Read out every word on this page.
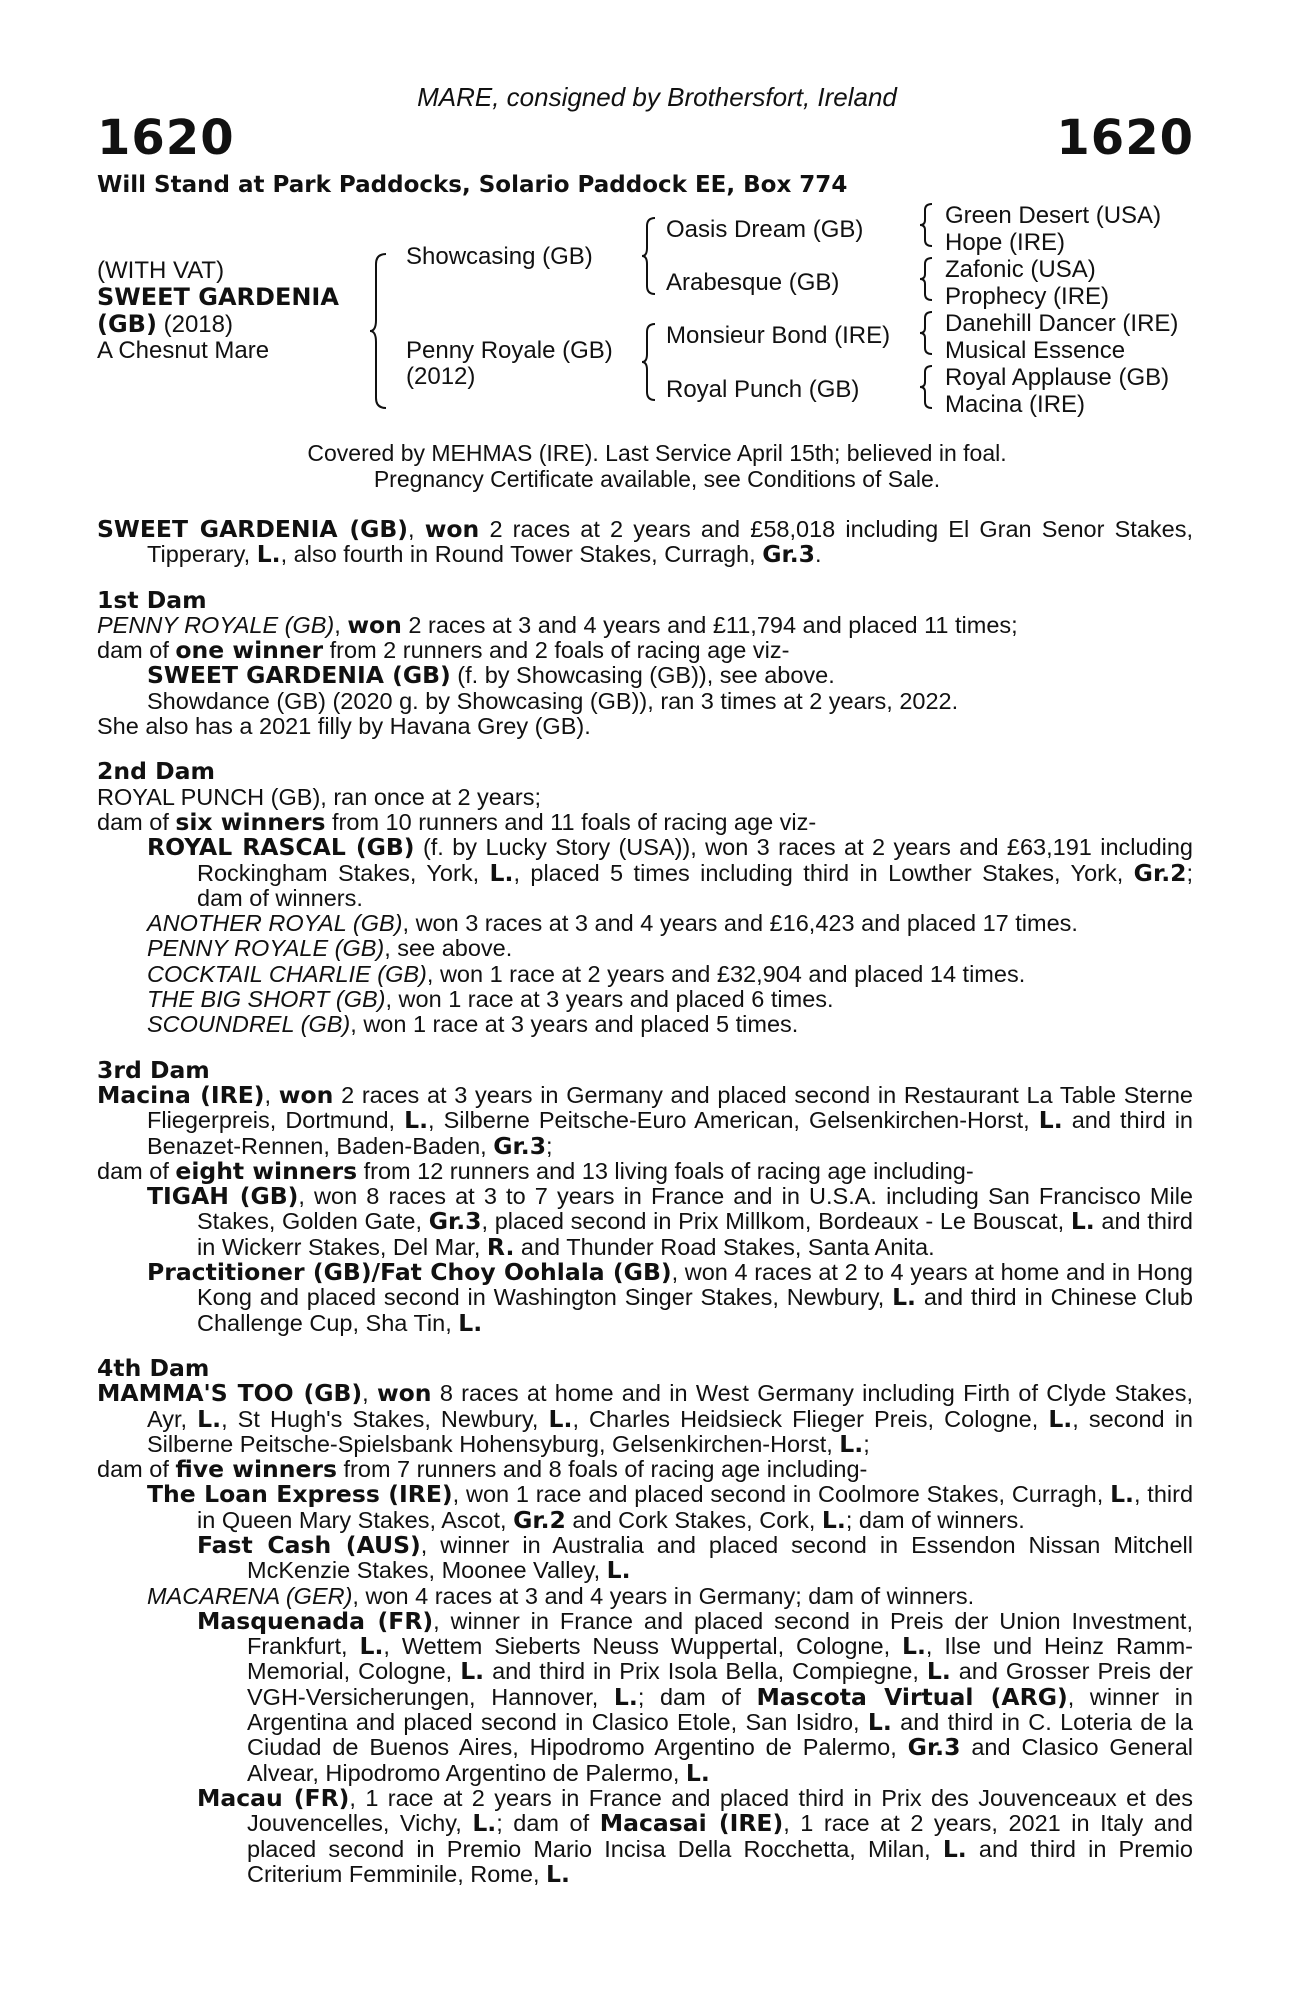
MARE, consigned by Brothersfort, Ireland
1620	1620
Will Stand at Park Paddocks, Solario Paddock EE, Box 774
(WITH VAT)
SWEET GARDENIA
(GB) (2018)
A Chesnut Mare
Showcasing (GB)
Penny Royale (GB)
(2012)
Oasis Dream (GB)
Arabesque (GB)
Monsieur Bond (IRE)
Royal Punch (GB)
Green Desert (USA)
Hope (IRE)
Zafonic (USA)
Prophecy (IRE)
Danehill Dancer (IRE)
Musical Essence
Royal Applause (GB)
Macina (IRE)
Covered by MEHMAS (IRE). Last Service April 15th; believed in foal.
Pregnancy Certificate available, see Conditions of Sale.

SWEET GARDENIA (GB), won 2 races at 2 years and £58,018 including El Gran Senor Stakes, Tipperary, L., also fourth in Round Tower Stakes, Curragh, Gr.3.

1st Dam

PENNY ROYALE (GB), won 2 races at 3 and 4 years and £11,794 and placed 11 times;

dam of one winner from 2 runners and 2 foals of racing age viz-

SWEET GARDENIA (GB) (f. by Showcasing (GB)), see above.

Showdance (GB) (2020 g. by Showcasing (GB)), ran 3 times at 2 years, 2022.

She also has a 2021 filly by Havana Grey (GB).

2nd Dam

ROYAL PUNCH (GB), ran once at 2 years;

dam of six winners from 10 runners and 11 foals of racing age viz-

ROYAL RASCAL (GB) (f. by Lucky Story (USA)), won 3 races at 2 years and £63,191 including Rockingham Stakes, York, L., placed 5 times including third in Lowther Stakes, York, Gr.2; dam of winners.

ANOTHER ROYAL (GB), won 3 races at 3 and 4 years and £16,423 and placed 17 times.

PENNY ROYALE (GB), see above.

COCKTAIL CHARLIE (GB), won 1 race at 2 years and £32,904 and placed 14 times.

THE BIG SHORT (GB), won 1 race at 3 years and placed 6 times.

SCOUNDREL (GB), won 1 race at 3 years and placed 5 times.

3rd Dam

Macina (IRE), won 2 races at 3 years in Germany and placed second in Restaurant La Table Sterne Fliegerpreis, Dortmund, L., Silberne Peitsche-Euro American, Gelsenkirchen-Horst, L. and third in Benazet-Rennen, Baden-Baden, Gr.3;

dam of eight winners from 12 runners and 13 living foals of racing age including-

TIGAH (GB), won 8 races at 3 to 7 years in France and in U.S.A. including San Francisco Mile Stakes, Golden Gate, Gr.3, placed second in Prix Millkom, Bordeaux - Le Bouscat, L. and third in Wickerr Stakes, Del Mar, R. and Thunder Road Stakes, Santa Anita.

Practitioner (GB)/Fat Choy Oohlala (GB), won 4 races at 2 to 4 years at home and in Hong Kong and placed second in Washington Singer Stakes, Newbury, L. and third in Chinese Club Challenge Cup, Sha Tin, L.

4th Dam

MAMMA'S TOO (GB), won 8 races at home and in West Germany including Firth of Clyde Stakes, Ayr, L., St Hugh's Stakes, Newbury, L., Charles Heidsieck Flieger Preis, Cologne, L., second in Silberne Peitsche-Spielsbank Hohensyburg, Gelsenkirchen-Horst, L.;

dam of five winners from 7 runners and 8 foals of racing age including-

The Loan Express (IRE), won 1 race and placed second in Coolmore Stakes, Curragh, L., third in Queen Mary Stakes, Ascot, Gr.2 and Cork Stakes, Cork, L.; dam of winners.

Fast Cash (AUS), winner in Australia and placed second in Essendon Nissan Mitchell McKenzie Stakes, Moonee Valley, L.

MACARENA (GER), won 4 races at 3 and 4 years in Germany; dam of winners.

Masquenada (FR), winner in France and placed second in Preis der Union Investment, Frankfurt, L., Wettem Sieberts Neuss Wuppertal, Cologne, L., Ilse und Heinz Ramm-Memorial, Cologne, L. and third in Prix Isola Bella, Compiegne, L. and Grosser Preis der VGH-Versicherungen, Hannover, L.; dam of Mascota Virtual (ARG), winner in Argentina and placed second in Clasico Etole, San Isidro, L. and third in C. Loteria de la Ciudad de Buenos Aires, Hipodromo Argentino de Palermo, Gr.3 and Clasico General Alvear, Hipodromo Argentino de Palermo, L.

Macau (FR), 1 race at 2 years in France and placed third in Prix des Jouvenceaux et des Jouvencelles, Vichy, L.; dam of Macasai (IRE), 1 race at 2 years, 2021 in Italy and placed second in Premio Mario Incisa Della Rocchetta, Milan, L. and third in Premio Criterium Femminile, Rome, L.
